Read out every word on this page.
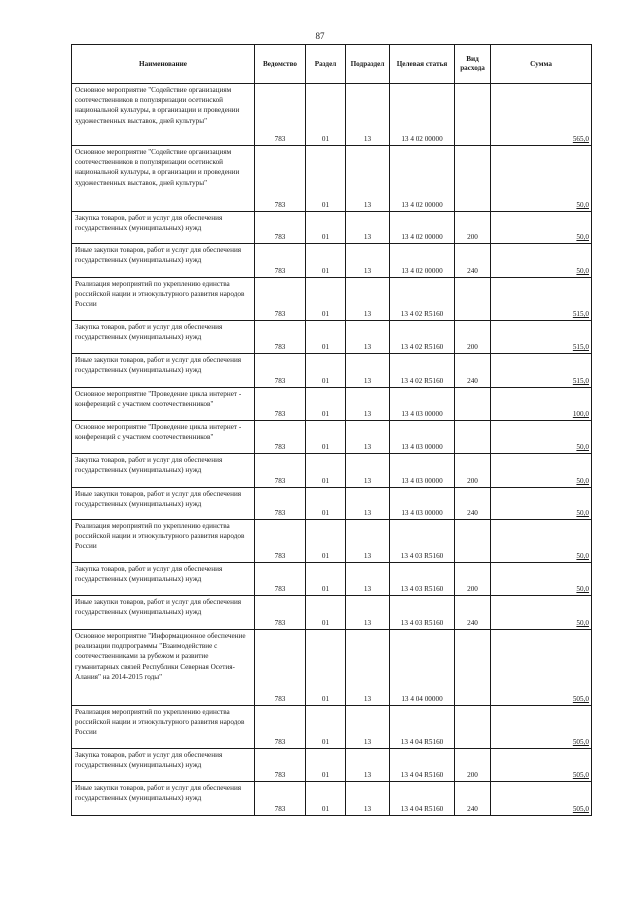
87
Наименование	Ведомство	Раздел	Подраздел	Целевая статья	Вид расхода	Сумма
Основное мероприятие "Содействие организациям соотечественников в популяризации осетинской национальной культуры, в организации и проведении художественных выставок, дней культуры"	783	01	13	13 4 02 00000		565,0
Основное мероприятие "Содействие организациям соотечественников в популяризации осетинской национальной культуры, в организации и проведении художественных выставок, дней культуры"	783	01	13	13 4 02 00000		50,0
Закупка товаров, работ и услуг для обеспечения государственных (муниципальных) нужд	783	01	13	13 4 02 00000	200	50,0
Иные закупки товаров, работ и услуг для обеспечения государственных (муниципальных) нужд	783	01	13	13 4 02 00000	240	50,0
Реализация мероприятий по укреплению единства российской нации и этнокультурного развития народов России	783	01	13	13 4 02 R5160		515,0
Закупка товаров, работ и услуг для обеспечения государственных (муниципальных) нужд	783	01	13	13 4 02 R5160	200	515,0
Иные закупки товаров, работ и услуг для обеспечения государственных (муниципальных) нужд	783	01	13	13 4 02 R5160	240	515,0
Основное мероприятие "Проведение цикла интернет - конференций с участием соотечественников"	783	01	13	13 4 03 00000		100,0
Основное мероприятие "Проведение цикла интернет - конференций с участием соотечественников"	783	01	13	13 4 03 00000		50,0
Закупка товаров, работ и услуг для обеспечения государственных (муниципальных) нужд	783	01	13	13 4 03 00000	200	50,0
Иные закупки товаров, работ и услуг для обеспечения государственных (муниципальных) нужд	783	01	13	13 4 03 00000	240	50,0
Реализация мероприятий по укреплению единства российской нации и этнокультурного развития народов России	783	01	13	13 4 03 R5160		50,0
Закупка товаров, работ и услуг для обеспечения государственных (муниципальных) нужд	783	01	13	13 4 03 R5160	200	50,0
Иные закупки товаров, работ и услуг для обеспечения государственных (муниципальных) нужд	783	01	13	13 4 03 R5160	240	50,0
Основное мероприятие "Информационное обеспечение реализации подпрограммы "Взаимодействие с соотечественниками за рубежом и развитие гуманитарных связей Республики Северная Осетия-Алания" на 2014-2015 годы"	783	01	13	13 4 04 00000		505,0
Реализация мероприятий по укреплению единства российской нации и этнокультурного развития народов России	783	01	13	13 4 04 R5160		505,0
Закупка товаров, работ и услуг для обеспечения государственных (муниципальных) нужд	783	01	13	13 4 04 R5160	200	505,0
Иные закупки товаров, работ и услуг для обеспечения государственных (муниципальных) нужд	783	01	13	13 4 04 R5160	240	505,0
